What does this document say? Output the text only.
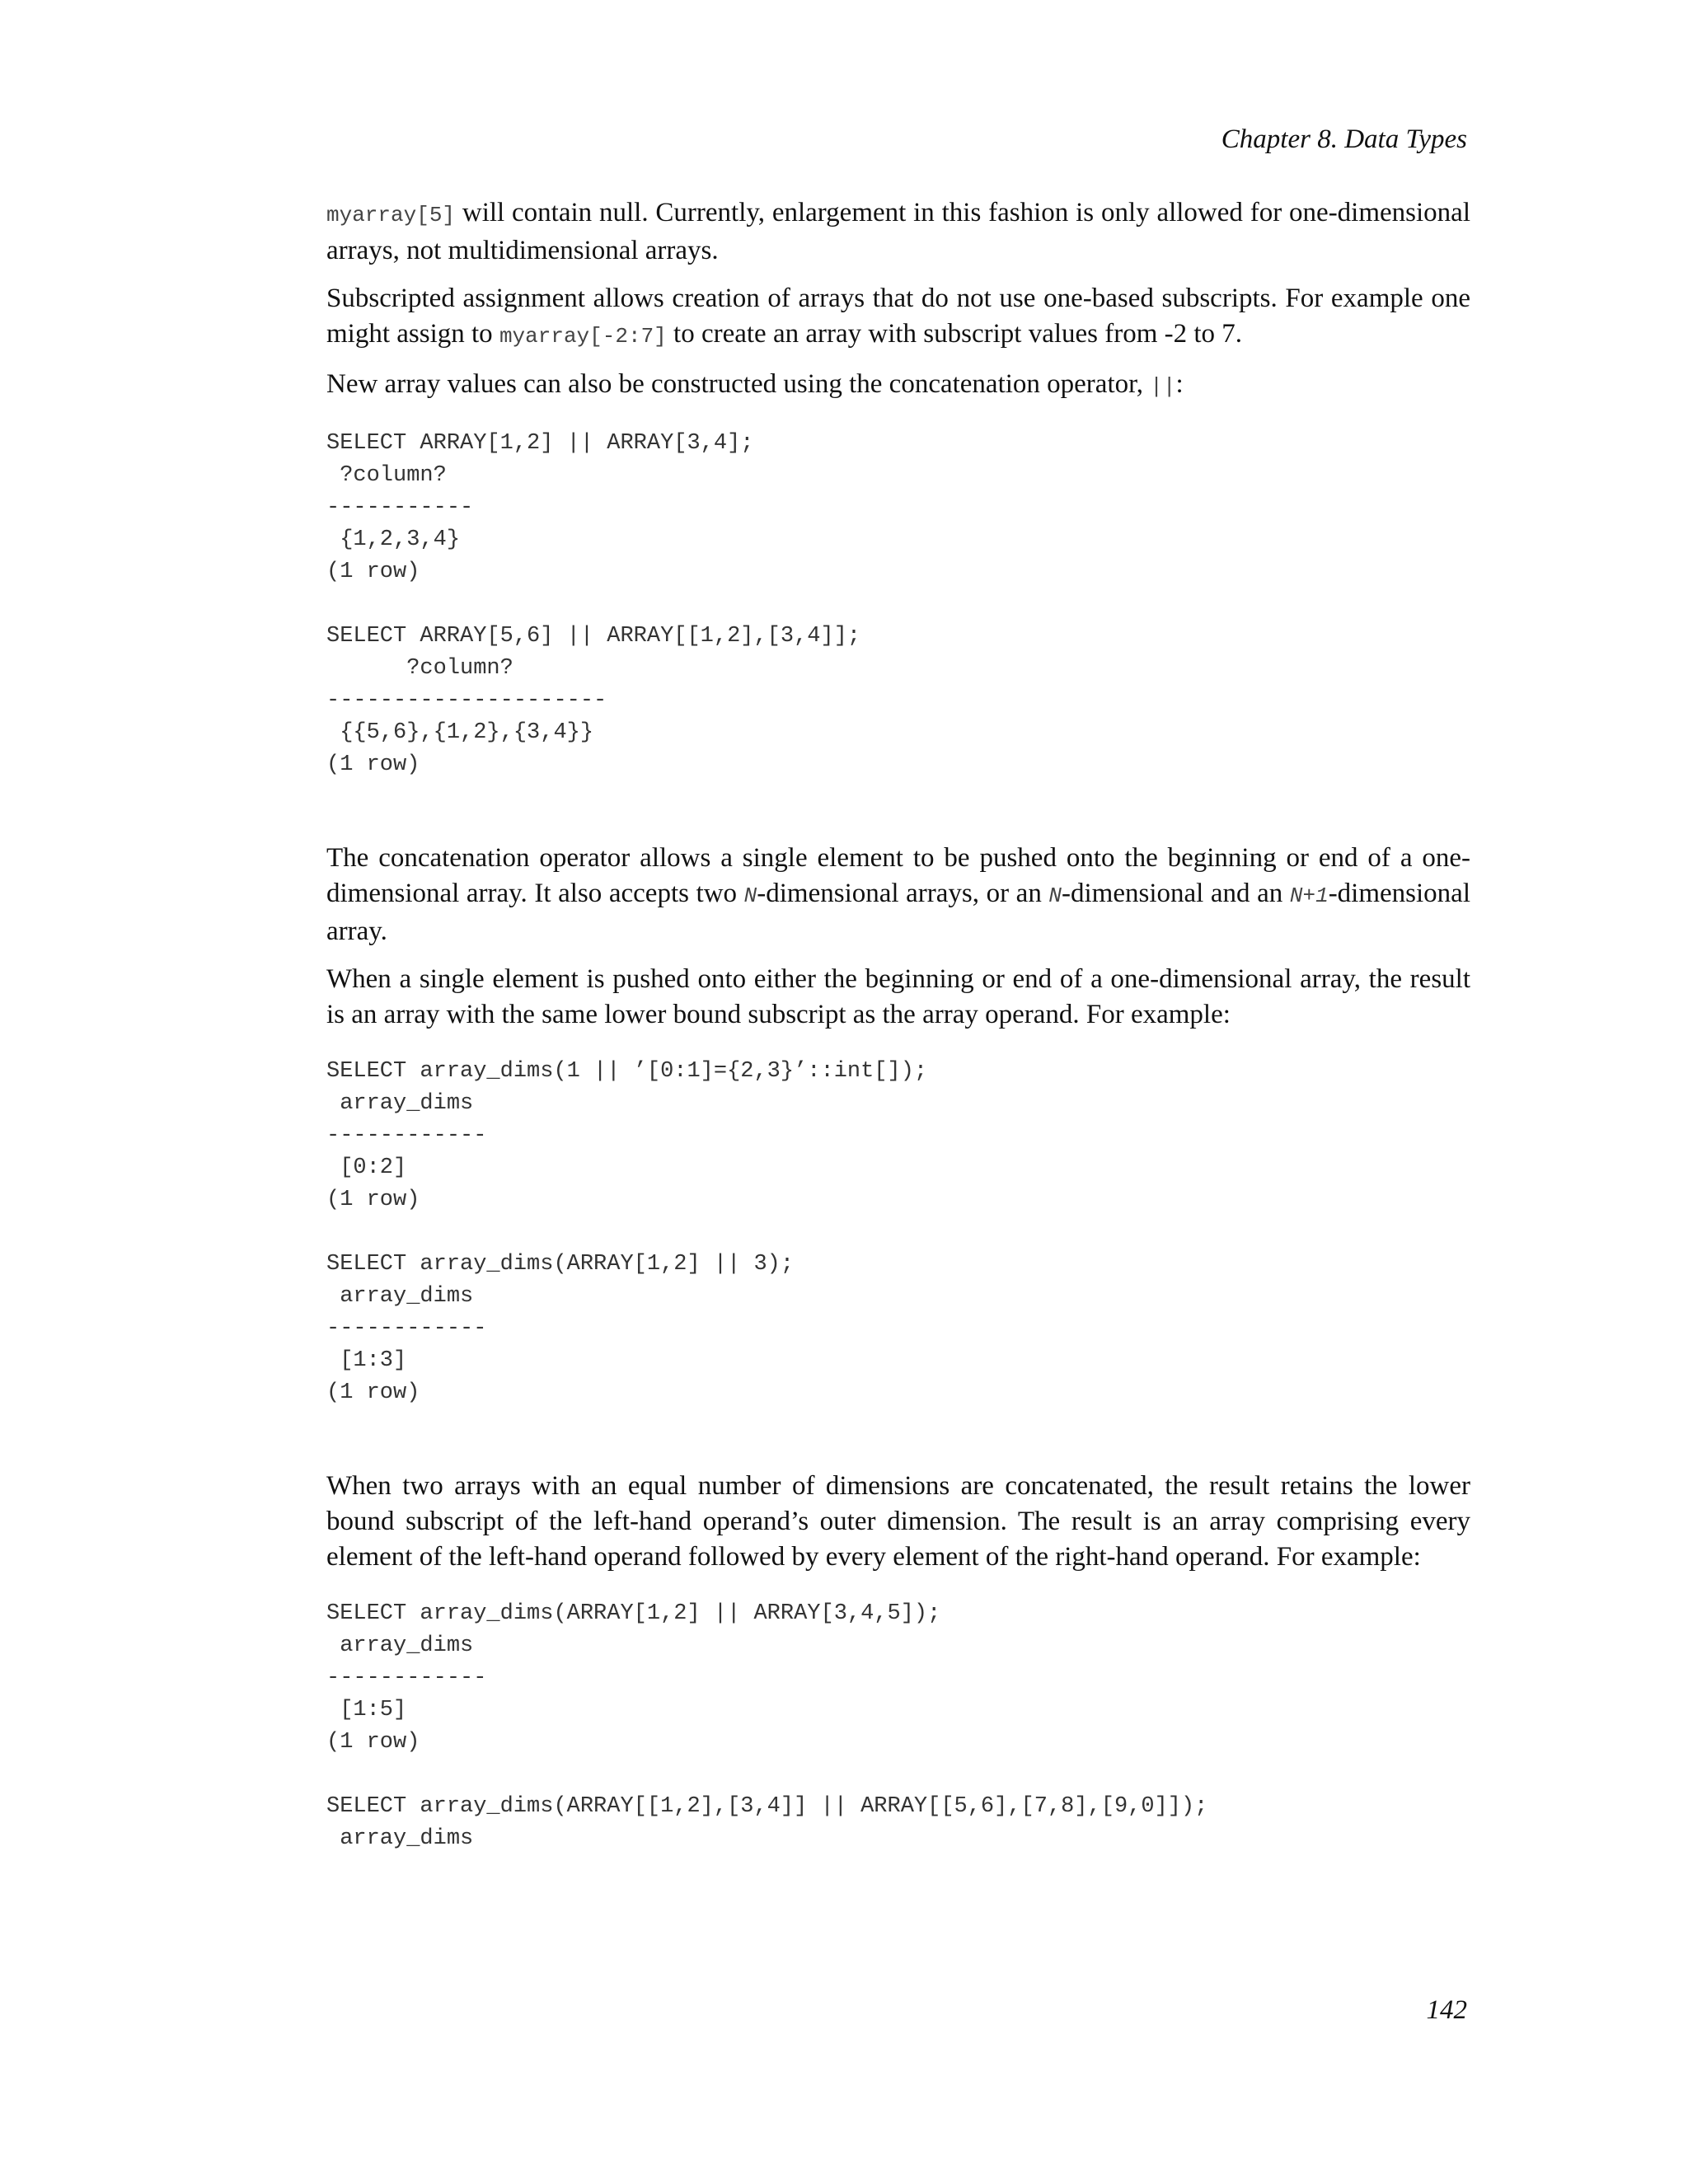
Chapter 8. Data Types

myarray[5] will contain null. Currently, enlargement in this fashion is only allowed for one-dimensional arrays, not multidimensional arrays.

Subscripted assignment allows creation of arrays that do not use one-based subscripts. For example one might assign to myarray[-2:7] to create an array with subscript values from -2 to 7.

New array values can also be constructed using the concatenation operator, ||:

SELECT ARRAY[1,2] || ARRAY[3,4];
?column?
-----------
{1,2,3,4}
(1 row)

SELECT ARRAY[5,6] || ARRAY[[1,2],[3,4]];
?column?
---------------------
{{5,6},{1,2},{3,4}}
(1 row)

The concatenation operator allows a single element to be pushed onto the beginning or end of a one-dimensional array. It also accepts two N-dimensional arrays, or an N-dimensional and an N+1-dimensional array.

When a single element is pushed onto either the beginning or end of a one-dimensional array, the result is an array with the same lower bound subscript as the array operand. For example:

SELECT array_dims(1 || ’[0:1]={2,3}’::int[]);
array_dims
------------
[0:2]
(1 row)

SELECT array_dims(ARRAY[1,2] || 3);
array_dims
------------
[1:3]
(1 row)

When two arrays with an equal number of dimensions are concatenated, the result retains the lower bound subscript of the left-hand operand’s outer dimension. The result is an array comprising every element of the left-hand operand followed by every element of the right-hand operand. For example:

SELECT array_dims(ARRAY[1,2] || ARRAY[3,4,5]);
array_dims
------------
[1:5]
(1 row)

SELECT array_dims(ARRAY[[1,2],[3,4]] || ARRAY[[5,6],[7,8],[9,0]]);
array_dims
142
